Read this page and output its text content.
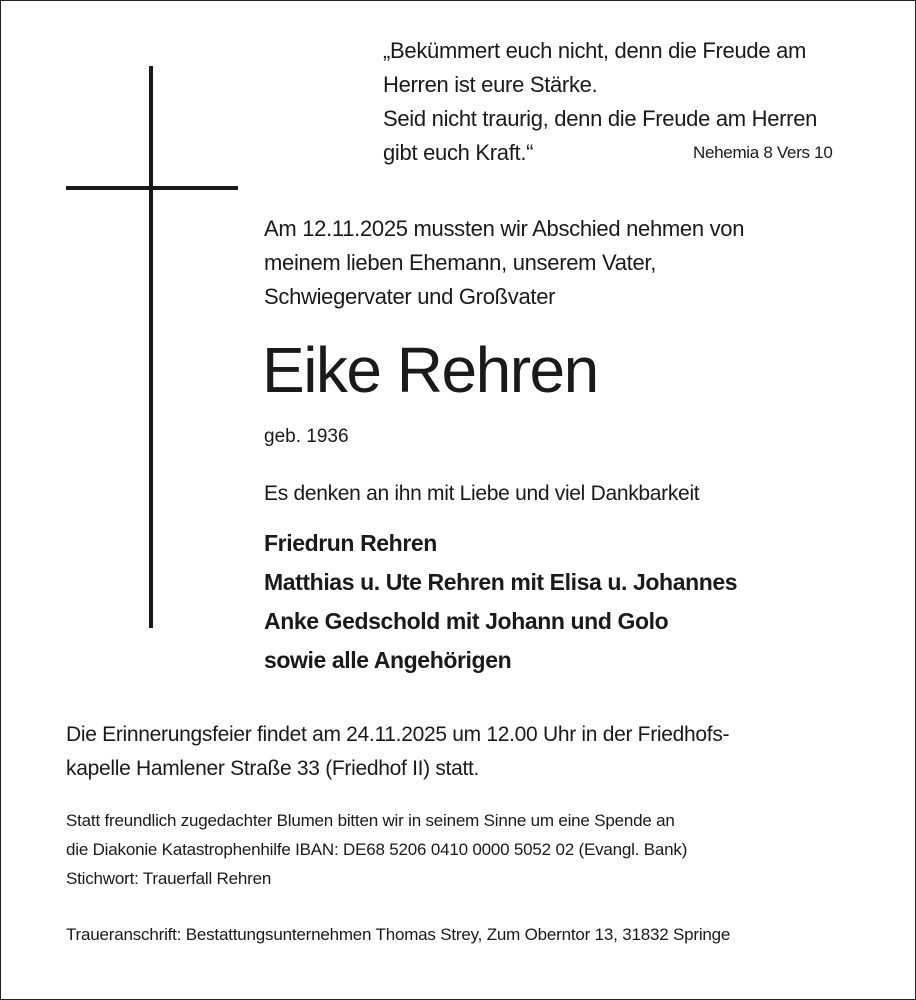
„Bekümmert euch nicht, denn die Freude am
Herren ist eure Stärke.
Seid nicht traurig, denn die Freude am Herren
gibt euch Kraft.“	Nehemia 8 Vers 10
Am 12.11.2025 mussten wir Abschied nehmen von
meinem lieben Ehemann, unserem Vater,
Schwiegervater und Großvater
Eike Rehren
geb. 1936
Es denken an ihn mit Liebe und viel Dankbarkeit
Friedrun Rehren
Matthias u. Ute Rehren mit Elisa u. Johannes
Anke Gedschold mit Johann und Golo
sowie alle Angehörigen
Die Erinnerungsfeier findet am 24.11.2025 um 12.00 Uhr in der Friedhofs-
kapelle Hamlener Straße 33 (Friedhof II) statt.
Statt freundlich zugedachter Blumen bitten wir in seinem Sinne um eine Spende an
die Diakonie Katastrophenhilfe IBAN: DE68 5206 0410 0000 5052 02 (Evangl. Bank)
Stichwort: Trauerfall Rehren
Traueranschrift: Bestattungsunternehmen Thomas Strey, Zum Oberntor 13, 31832 Springe
